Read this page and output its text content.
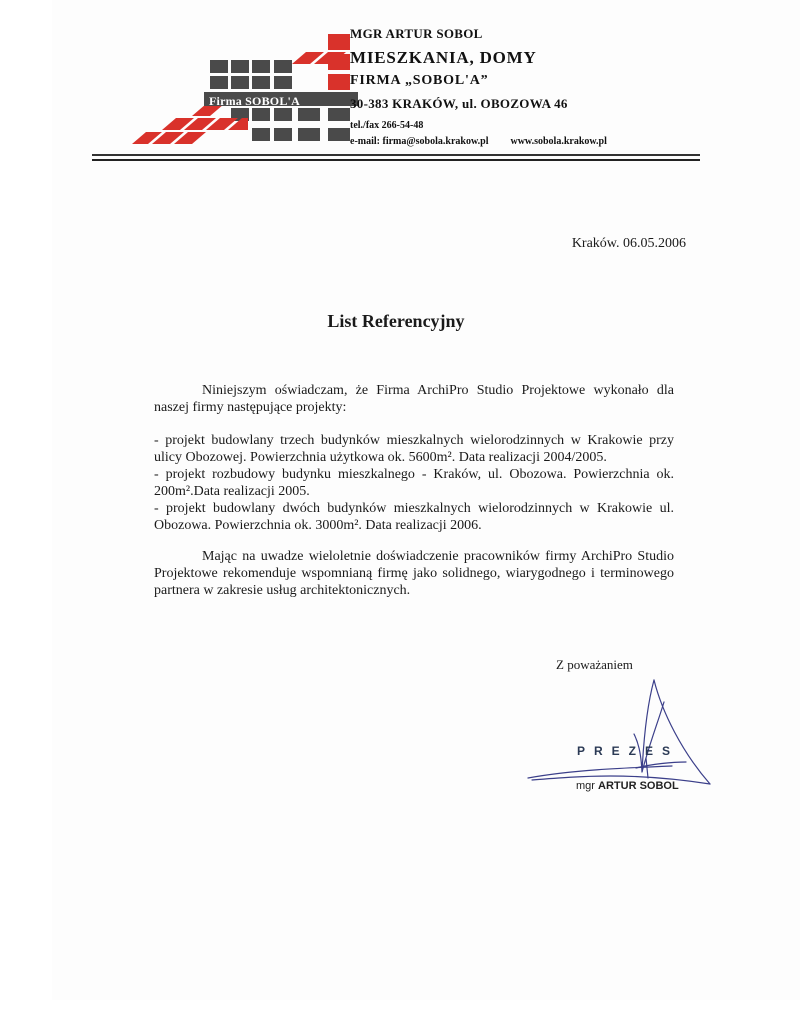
Firma SOBOL'A
MGR ARTUR SOBOL
MIESZKANIA, DOMY
FIRMA „SOBOL'A”
30-383 KRAKÓW, ul. OBOZOWA 46
tel./fax 266-54-48
e-mail: firma@sobola.krakow.pl www.sobola.krakow.pl
Kraków. 06.05.2006
List Referencyjny
Niniejszym oświadczam, że Firma ArchiPro Studio Projektowe wykonało dla naszej firmy następujące projekty:
- projekt budowlany trzech budynków mieszkalnych wielorodzinnych w Krakowie przy ulicy Obozowej. Powierzchnia użytkowa ok. 5600m². Data realizacji 2004/2005.
- projekt rozbudowy budynku mieszkalnego - Kraków, ul. Obozowa. Powierzchnia ok. 200m².Data realizacji 2005.
- projekt budowlany dwóch budynków mieszkalnych wielorodzinnych w Krakowie ul. Obozowa. Powierzchnia ok. 3000m². Data realizacji 2006.
Mając na uwadze wieloletnie doświadczenie pracowników firmy ArchiPro Studio Projektowe rekomenduje wspomnianą firmę jako solidnego, wiarygodnego i terminowego partnera w zakresie usług architektonicznych.
Z poważaniem
PREZES
mgr ARTUR SOBOL
